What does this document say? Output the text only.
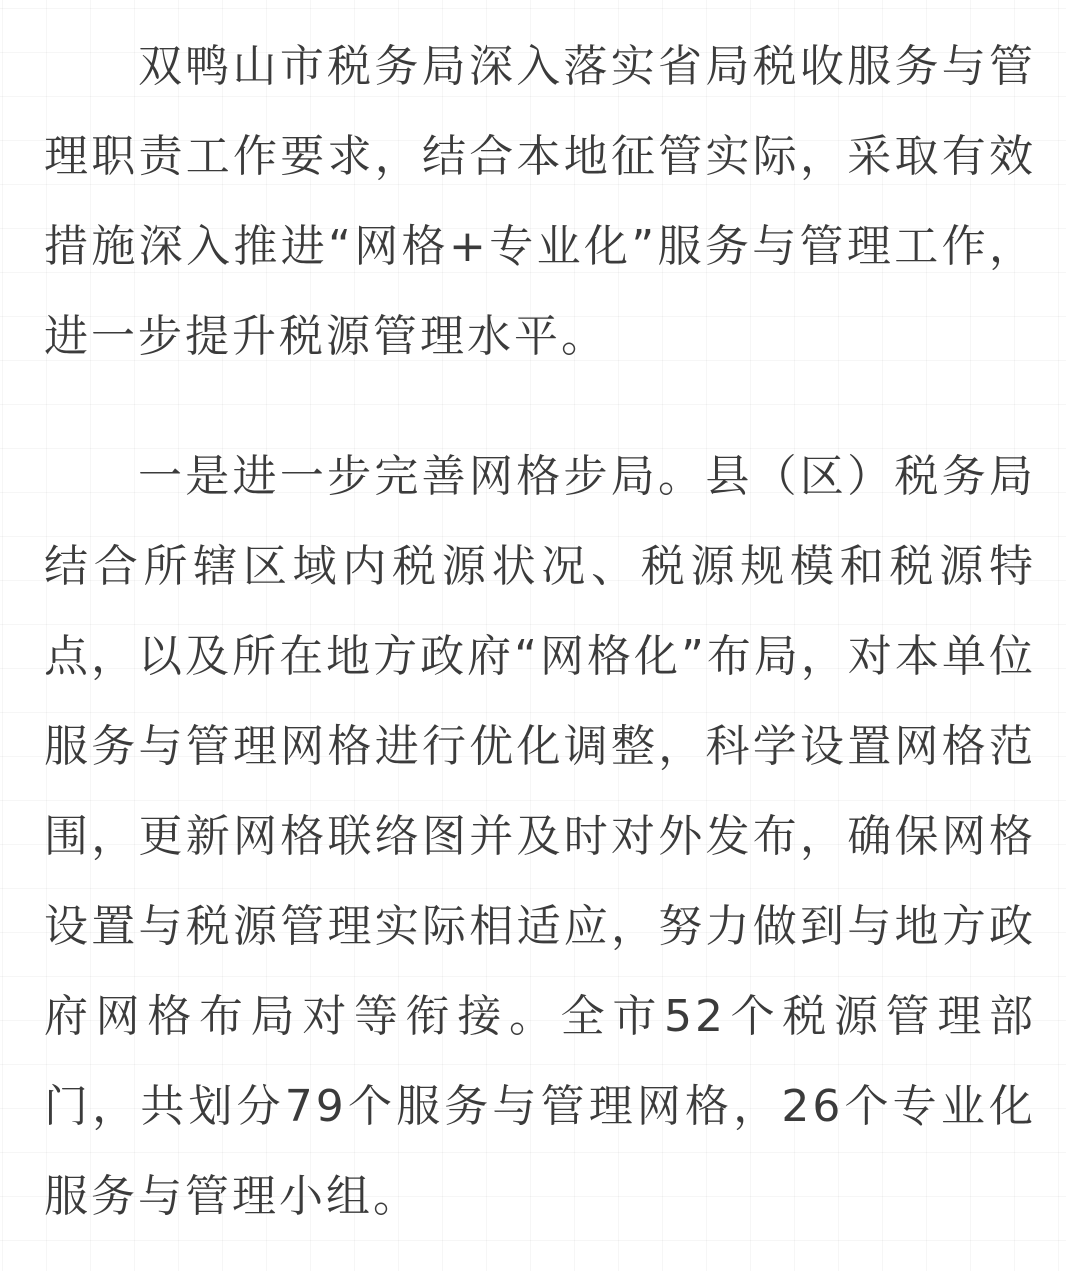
双鸭山市税务局深入落实省局税收服务与管理职责工作要求，结合本地征管实际，采取有效措施深入推进“网格+专业化”服务与管理工作，进一步提升税源管理水平。

一是进一步完善网格步局。县（区）税务局结合所辖区域内税源状况、税源规模和税源特点，以及所在地方政府“网格化”布局，对本单位服务与管理网格进行优化调整，科学设置网格范围，更新网格联络图并及时对外发布，确保网格设置与税源管理实际相适应，努力做到与地方政府网格布局对等衔接。全市52个税源管理部门，共划分79个服务与管理网格，26个专业化服务与管理小组。
